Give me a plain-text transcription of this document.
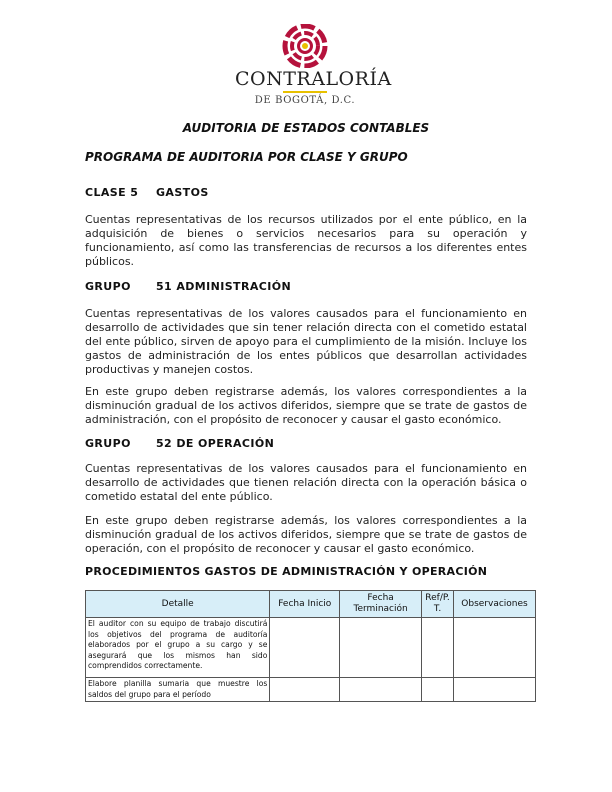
CONTRALORÍA
DE BOGOTÁ, D.C.
AUDITORIA DE ESTADOS CONTABLES
PROGRAMA DE AUDITORIA POR CLASE Y GRUPO
CLASE 5 GASTOS
Cuentas representativas de los recursos utilizados por el ente público, en la adquisición de bienes o servicios necesarios para su operación y funcionamiento, así como las transferencias de recursos a los diferentes entes públicos.
GRUPO 51 ADMINISTRACIÓN
Cuentas representativas de los valores causados para el funcionamiento en desarrollo de actividades que sin tener relación directa con el cometido estatal del ente público, sirven de apoyo para el cumplimiento de la misión. Incluye los gastos de administración de los entes públicos que desarrollan actividades productivas y manejen costos.
En este grupo deben registrarse además, los valores correspondientes a la disminución gradual de los activos diferidos, siempre que se trate de gastos de administración, con el propósito de reconocer y causar el gasto económico.
GRUPO 52 DE OPERACIÓN
Cuentas representativas de los valores causados para el funcionamiento en desarrollo de actividades que tienen relación directa con la operación básica o cometido estatal del ente público.
En este grupo deben registrarse además, los valores correspondientes a la disminución gradual de los activos diferidos, siempre que se trate de gastos de operación, con el propósito de reconocer y causar el gasto económico.
PROCEDIMIENTOS GASTOS DE ADMINISTRACIÓN Y OPERACIÓN
Detalle	Fecha Inicio	Fecha Terminación	Ref/P. T.	Observaciones
El auditor con su equipo de trabajo discutirá los objetivos del programa de auditoría elaborados por el grupo a su cargo y se asegurará que los mismos han sido comprendidos correctamente.				
Elabore planilla sumaria que muestre los saldos del grupo para el período				
